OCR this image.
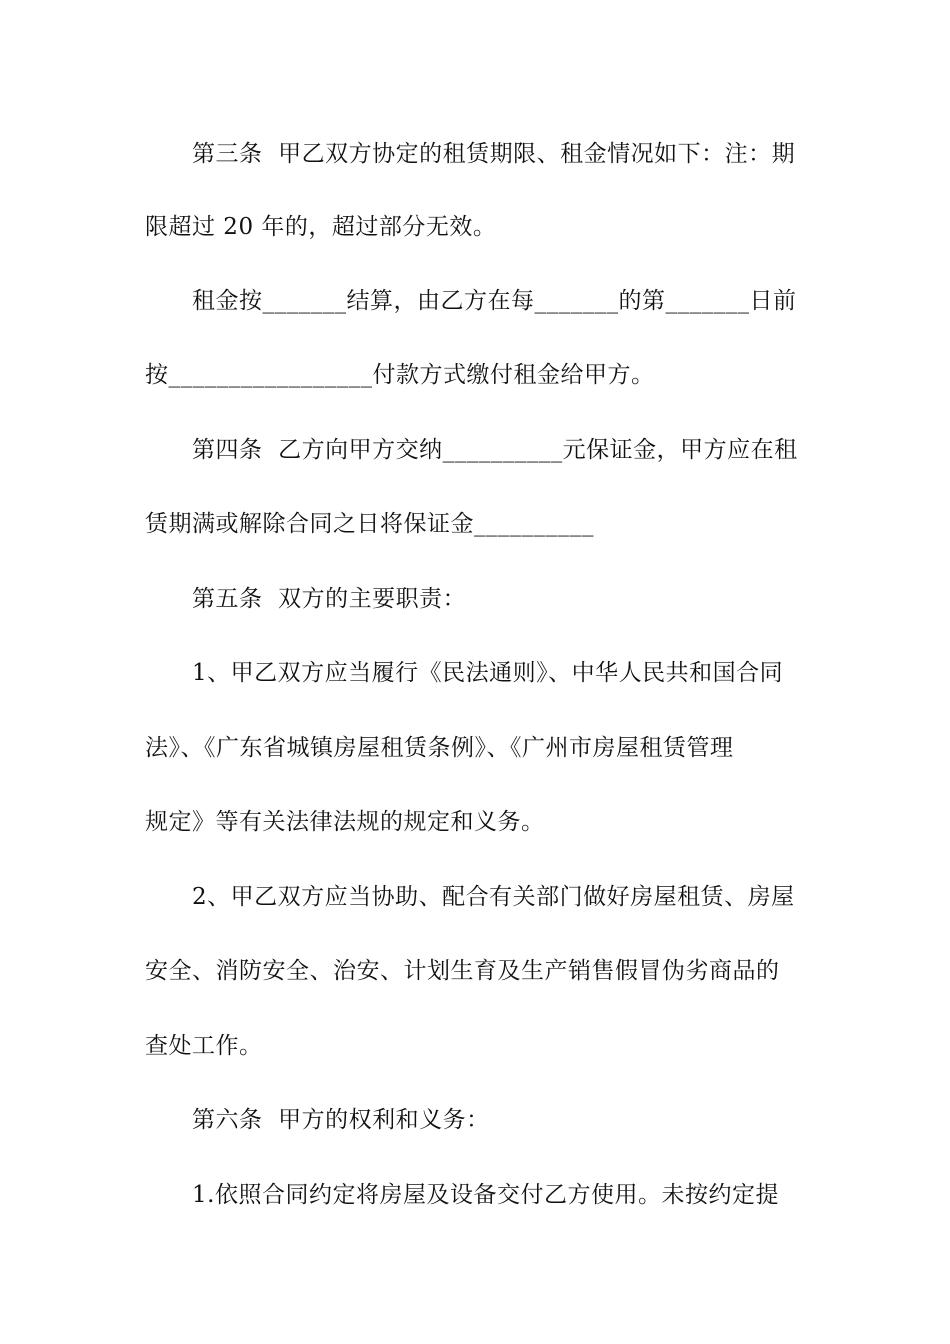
第三条  甲乙双方协定的租赁期限、租金情况如下：注：期
限超过 20 年的，超过部分无效。
租金按_______结算，由乙方在每_______的第_______日前
按_________________付款方式缴付租金给甲方。
第四条  乙方向甲方交纳__________元保证金，甲方应在租
赁期满或解除合同之日将保证金__________
第五条  双方的主要职责：
1、甲乙双方应当履行《民法通则》、中华人民共和国合同
法》、《广东省城镇房屋租赁条例》、《广州市房屋租赁管理
规定》等有关法律法规的规定和义务。
2、甲乙双方应当协助、配合有关部门做好房屋租赁、房屋
安全、消防安全、治安、计划生育及生产销售假冒伪劣商品的
查处工作。
第六条  甲方的权利和义务：
1.依照合同约定将房屋及设备交付乙方使用。未按约定提
